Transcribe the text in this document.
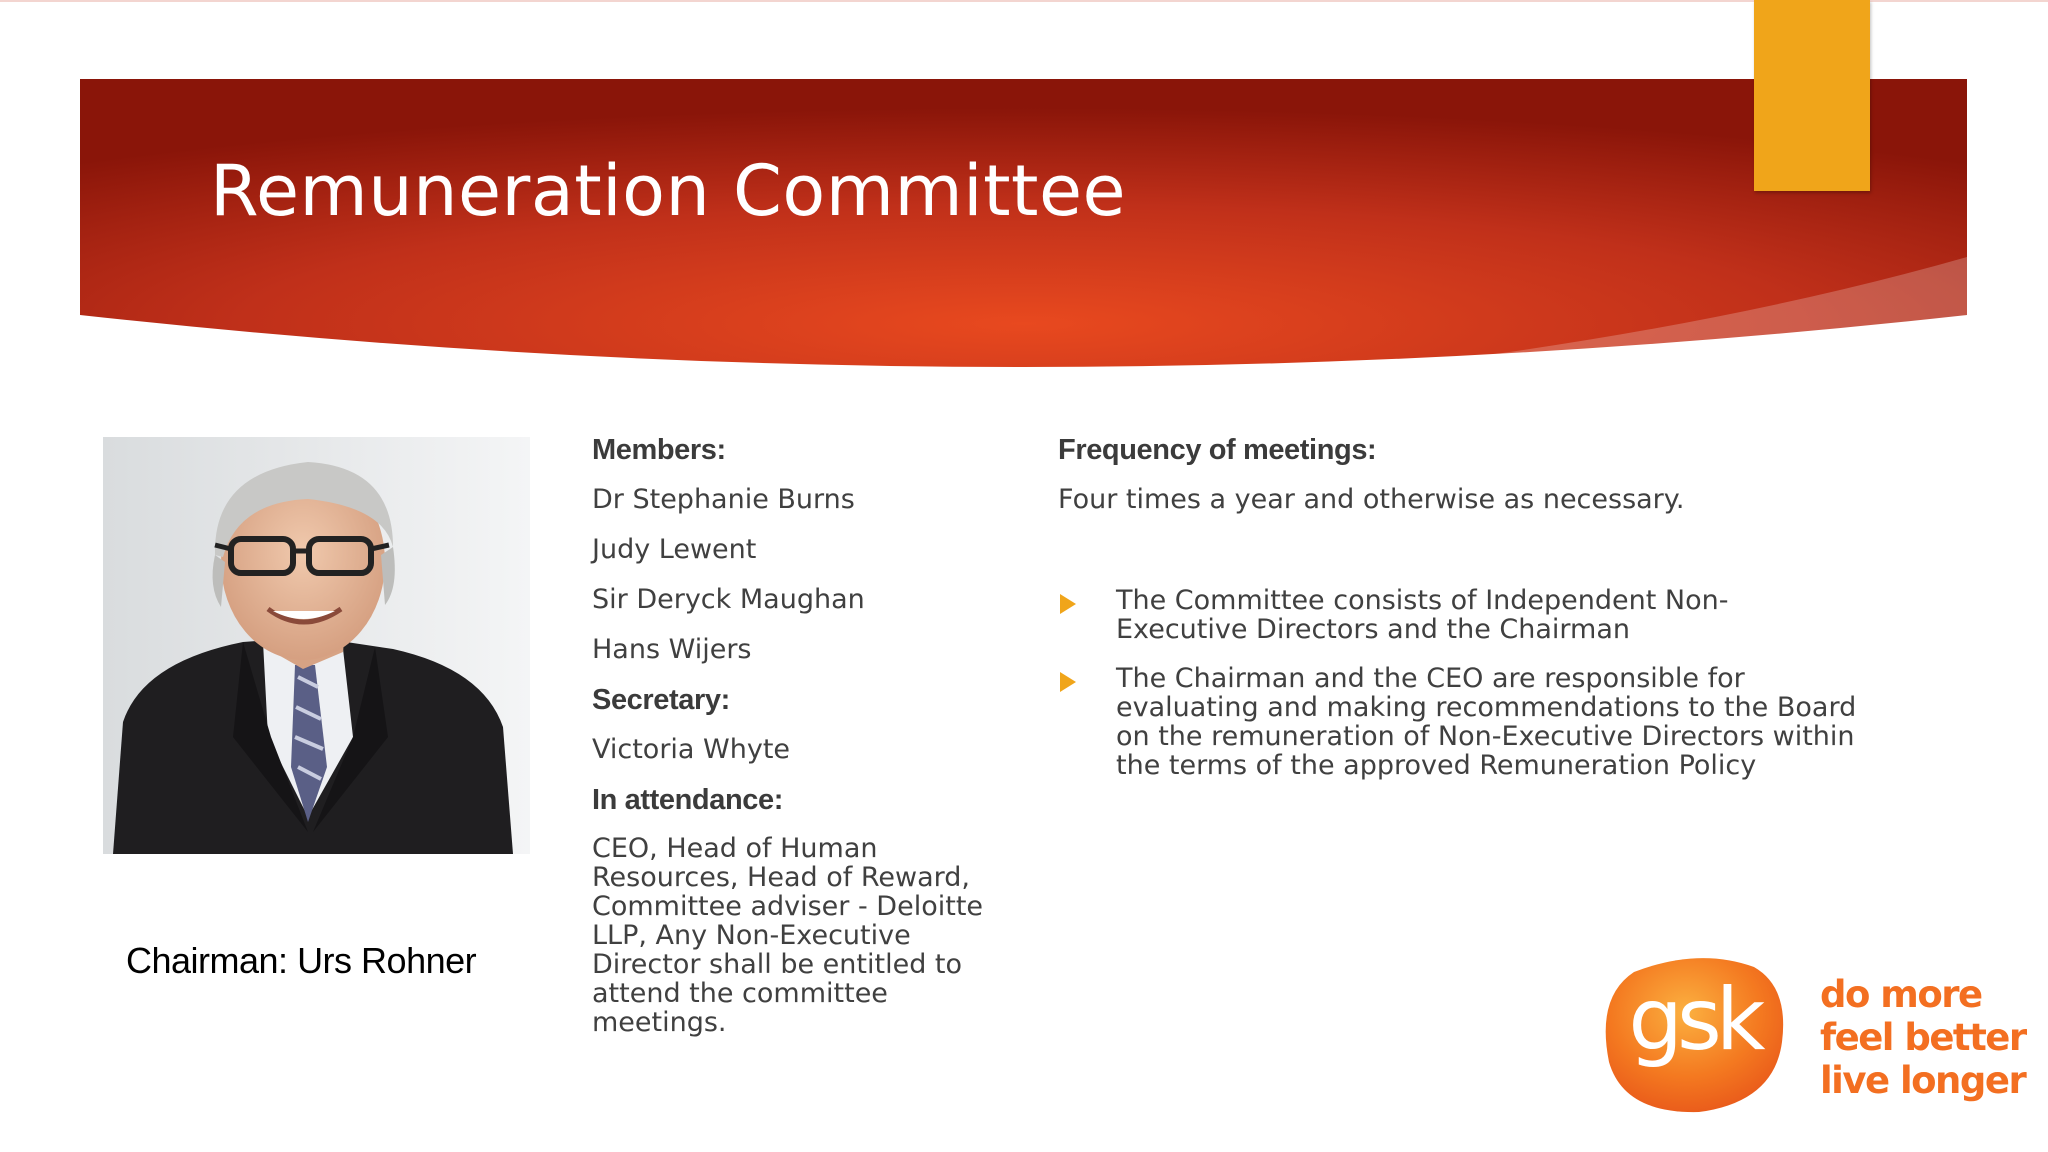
Remuneration Committee
Chairman: Urs Rohner
Members:
Dr Stephanie Burns
Judy Lewent
Sir Deryck Maughan
Hans Wijers
Secretary:
Victoria Whyte
In attendance:
CEO, Head of Human Resources, Head of Reward, Committee adviser - Deloitte LLP, Any Non-Executive Director shall be entitled to attend the committee meetings.
Frequency of meetings:
Four times a year and otherwise as necessary.
The Committee consists of Independent Non-Executive Directors and the Chairman
The Chairman and the CEO are responsible for evaluating and making recommendations to the Board on the remuneration of Non-Executive Directors within the terms of the approved Remuneration Policy
gsk	do more
feel better
live longer
